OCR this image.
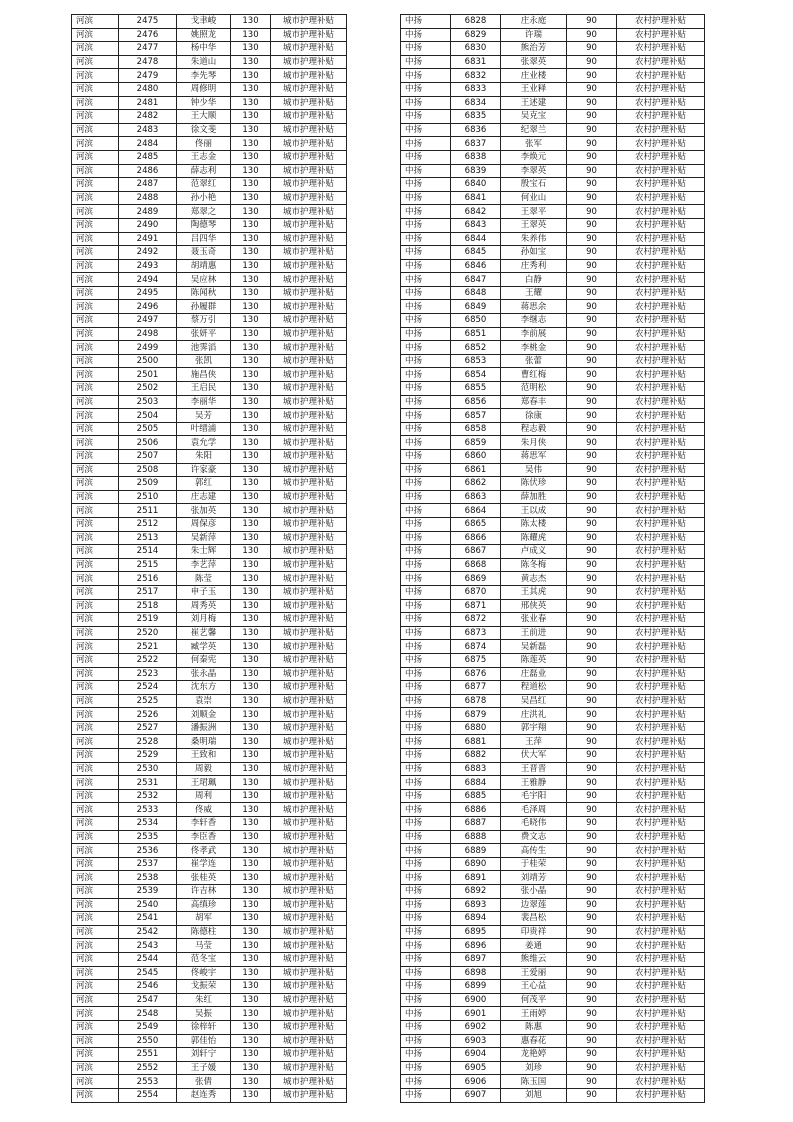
河滨	2475	戈聿峻	130	城市护理补贴
河滨	2476	姚照龙	130	城市护理补贴
河滨	2477	杨中华	130	城市护理补贴
河滨	2478	朱道山	130	城市护理补贴
河滨	2479	李先琴	130	城市护理补贴
河滨	2480	周修明	130	城市护理补贴
河滨	2481	钟少华	130	城市护理补贴
河滨	2482	王大顺	130	城市护理补贴
河滨	2483	徐文斐	130	城市护理补贴
河滨	2484	佟丽	130	城市护理补贴
河滨	2485	王志金	130	城市护理补贴
河滨	2486	薛志利	130	城市护理补贴
河滨	2487	范翠红	130	城市护理补贴
河滨	2488	孙小艳	130	城市护理补贴
河滨	2489	郑翠之	130	城市护理补贴
河滨	2490	陶德琴	130	城市护理补贴
河滨	2491	吕四华	130	城市护理补贴
河滨	2492	聂玉奇	130	城市护理补贴
河滨	2493	胡靖惠	130	城市护理补贴
河滨	2494	吴应林	130	城市护理补贴
河滨	2495	陈闻秋	130	城市护理补贴
河滨	2496	孙履群	130	城市护理补贴
河滨	2497	蔡万引	130	城市护理补贴
河滨	2498	张妍平	130	城市护理补贴
河滨	2499	池霁滔	130	城市护理补贴
河滨	2500	张凯	130	城市护理补贴
河滨	2501	施昌侠	130	城市护理补贴
河滨	2502	王启民	130	城市护理补贴
河滨	2503	李丽华	130	城市护理补贴
河滨	2504	吴芳	130	城市护理补贴
河滨	2505	叶缙浦	130	城市护理补贴
河滨	2506	袁允学	130	城市护理补贴
河滨	2507	朱阳	130	城市护理补贴
河滨	2508	许家豪	130	城市护理补贴
河滨	2509	郭红	130	城市护理补贴
河滨	2510	庄志建	130	城市护理补贴
河滨	2511	张加英	130	城市护理补贴
河滨	2512	周保彦	130	城市护理补贴
河滨	2513	吴新萍	130	城市护理补贴
河滨	2514	朱士辉	130	城市护理补贴
河滨	2515	李艺萍	130	城市护理补贴
河滨	2516	陈莹	130	城市护理补贴
河滨	2517	申子玉	130	城市护理补贴
河滨	2518	周秀英	130	城市护理补贴
河滨	2519	刘月梅	130	城市护理补贴
河滨	2520	崔艺馨	130	城市护理补贴
河滨	2521	臧学英	130	城市护理补贴
河滨	2522	何秦宪	130	城市护理补贴
河滨	2523	张永晶	130	城市护理补贴
河滨	2524	沈东方	130	城市护理补贴
河滨	2525	袁崇	130	城市护理补贴
河滨	2526	刘顺金	130	城市护理补贴
河滨	2527	潘振洲	130	城市护理补贴
河滨	2528	桑明瑞	130	城市护理补贴
河滨	2529	王致和	130	城市护理补贴
河滨	2530	周毅	130	城市护理补贴
河滨	2531	王珺珮	130	城市护理补贴
河滨	2532	周利	130	城市护理补贴
河滨	2533	佟威	130	城市护理补贴
河滨	2534	李轩香	130	城市护理补贴
河滨	2535	李臣香	130	城市护理补贴
河滨	2536	佟孝武	130	城市护理补贴
河滨	2537	崔学连	130	城市护理补贴
河滨	2538	张桂英	130	城市护理补贴
河滨	2539	许吉林	130	城市护理补贴
河滨	2540	高缜珍	130	城市护理补贴
河滨	2541	胡军	130	城市护理补贴
河滨	2542	陈德柱	130	城市护理补贴
河滨	2543	马莹	130	城市护理补贴
河滨	2544	范冬宝	130	城市护理补贴
河滨	2545	佟峻宇	130	城市护理补贴
河滨	2546	戈振荣	130	城市护理补贴
河滨	2547	朱红	130	城市护理补贴
河滨	2548	吴振	130	城市护理补贴
河滨	2549	徐梓轩	130	城市护理补贴
河滨	2550	郭佳怡	130	城市护理补贴
河滨	2551	刘轩宁	130	城市护理补贴
河滨	2552	王子媛	130	城市护理补贴
河滨	2553	张倩	130	城市护理补贴
河滨	2554	赵连秀	130	城市护理补贴
中扬	6828	庄永庭	90	农村护理补贴
中扬	6829	许瑞	90	农村护理补贴
中扬	6830	熊治芳	90	农村护理补贴
中扬	6831	张翠英	90	农村护理补贴
中扬	6832	庄业楼	90	农村护理补贴
中扬	6833	王业释	90	农村护理补贴
中扬	6834	王述建	90	农村护理补贴
中扬	6835	吴克宝	90	农村护理补贴
中扬	6836	纪翠兰	90	农村护理补贴
中扬	6837	张军	90	农村护理补贴
中扬	6838	李焕元	90	农村护理补贴
中扬	6839	李翠英	90	农村护理补贴
中扬	6840	殷宝石	90	农村护理补贴
中扬	6841	何业山	90	农村护理补贴
中扬	6842	王翠平	90	农村护理补贴
中扬	6843	王翠英	90	农村护理补贴
中扬	6844	朱养伟	90	农村护理补贴
中扬	6845	孙如宝	90	农村护理补贴
中扬	6846	庄秀利	90	农村护理补贴
中扬	6847	白静	90	农村护理补贴
中扬	6848	王耀	90	农村护理补贴
中扬	6849	蒋思余	90	农村护理补贴
中扬	6850	李继志	90	农村护理补贴
中扬	6851	李前展	90	农村护理补贴
中扬	6852	李桃金	90	农村护理补贴
中扬	6853	张蕾	90	农村护理补贴
中扬	6854	曹红梅	90	农村护理补贴
中扬	6855	范明松	90	农村护理补贴
中扬	6856	郑春丰	90	农村护理补贴
中扬	6857	徐康	90	农村护理补贴
中扬	6858	程志毅	90	农村护理补贴
中扬	6859	朱月侠	90	农村护理补贴
中扬	6860	蒋思军	90	农村护理补贴
中扬	6861	吴伟	90	农村护理补贴
中扬	6862	陈伏珍	90	农村护理补贴
中扬	6863	薛加胜	90	农村护理补贴
中扬	6864	王以成	90	农村护理补贴
中扬	6865	陈太楼	90	农村护理补贴
中扬	6866	陈耀虎	90	农村护理补贴
中扬	6867	卢成义	90	农村护理补贴
中扬	6868	陈冬梅	90	农村护理补贴
中扬	6869	黄志杰	90	农村护理补贴
中扬	6870	王其虎	90	农村护理补贴
中扬	6871	邢侠英	90	农村护理补贴
中扬	6872	张业春	90	农村护理补贴
中扬	6873	王前进	90	农村护理补贴
中扬	6874	吴新磊	90	农村护理补贴
中扬	6875	陈莲英	90	农村护理补贴
中扬	6876	庄磊业	90	农村护理补贴
中扬	6877	程道松	90	农村护理补贴
中扬	6878	吴昌红	90	农村护理补贴
中扬	6879	庄洪礼	90	农村护理补贴
中扬	6880	郭宇翔	90	农村护理补贴
中扬	6881	王萍	90	农村护理补贴
中扬	6882	伏大军	90	农村护理补贴
中扬	6883	王晋晋	90	农村护理补贴
中扬	6884	王雅静	90	农村护理补贴
中扬	6885	毛宇阳	90	农村护理补贴
中扬	6886	毛泽周	90	农村护理补贴
中扬	6887	毛晓伟	90	农村护理补贴
中扬	6888	费文志	90	农村护理补贴
中扬	6889	高传生	90	农村护理补贴
中扬	6890	于桂荣	90	农村护理补贴
中扬	6891	刘靖芳	90	农村护理补贴
中扬	6892	张小晶	90	农村护理补贴
中扬	6893	边翠莲	90	农村护理补贴
中扬	6894	裴昌松	90	农村护理补贴
中扬	6895	印贵祥	90	农村护理补贴
中扬	6896	姜通	90	农村护理补贴
中扬	6897	熊维云	90	农村护理补贴
中扬	6898	王爱丽	90	农村护理补贴
中扬	6899	王心益	90	农村护理补贴
中扬	6900	何茂平	90	农村护理补贴
中扬	6901	王雨婷	90	农村护理补贴
中扬	6902	陈惠	90	农村护理补贴
中扬	6903	惠春花	90	农村护理补贴
中扬	6904	龙艳婷	90	农村护理补贴
中扬	6905	刘珍	90	农村护理补贴
中扬	6906	陈玉国	90	农村护理补贴
中扬	6907	刘旭	90	农村护理补贴
